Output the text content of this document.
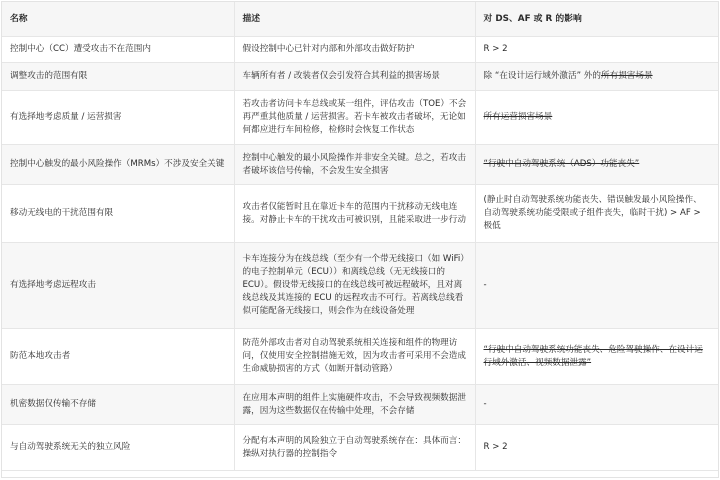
名称	描述	对 DS、AF 或 R 的影响
控制中心（CC）遭受攻击不在范围内	假设控制中心已针对内部和外部攻击做好防护	R > 2
调整攻击的范围有限	车辆所有者 / 改装者仅会引发符合其利益的损害场景	除 “在设计运行域外激活” 外的所有损害场景
有选择地考虑质量 / 运营损害	若攻击者访问卡车总线或某一组件，评估攻击（TOE）不会再严重其他质量 / 运营损害。若卡车被攻击者破坏，无论如何都应进行车间检修，检修时会恢复工作状态	所有运营损害场景
控制中心触发的最小风险操作（MRMs）不涉及安全关键	控制中心触发的最小风险操作并非安全关键。总之，若攻击者破坏该信号传输，不会发生安全损害	“行驶中自动驾驶系统（ADS）功能丧失”
移动无线电的干扰范围有限	攻击者仅能暂时且在靠近卡车的范围内干扰移动无线电连接。对静止卡车的干扰攻击可被识别，且能采取进一步行动	(静止时自动驾驶系统功能丧失、错误触发最小风险操作、自动驾驶系统功能受限或子组件丧失，临时干扰) > AF > 极低
有选择地考虑远程攻击	卡车连接分为在线总线（至少有一个带无线接口（如 WiFi）的电子控制单元（ECU））和离线总线（无无线接口的 ECU）。假设带无线接口的在线总线可被远程破坏，且对离线总线及其连接的 ECU 的远程攻击不可行。若离线总线看似可能配备无线接口，则会作为在线设备处理	-
防范本地攻击者	防范外部攻击者对自动驾驶系统相关连接和组件的物理访问，仅使用安全控制措施无效，因为攻击者可采用不会造成生命威胁损害的方式（如断开制动管路）	“行驶中自动驾驶系统功能丧失、危险驾驶操作、在设计运行域外激活、视频数据泄露”
机密数据仅传输不存储	在应用本声明的组件上实施硬件攻击，不会导致视频数据泄露，因为这些数据仅在传输中处理，不会存储	-
与自动驾驶系统无关的独立风险	分配有本声明的风险独立于自动驾驶系统存在：具体而言：操纵对执行器的控制指令	R > 2
